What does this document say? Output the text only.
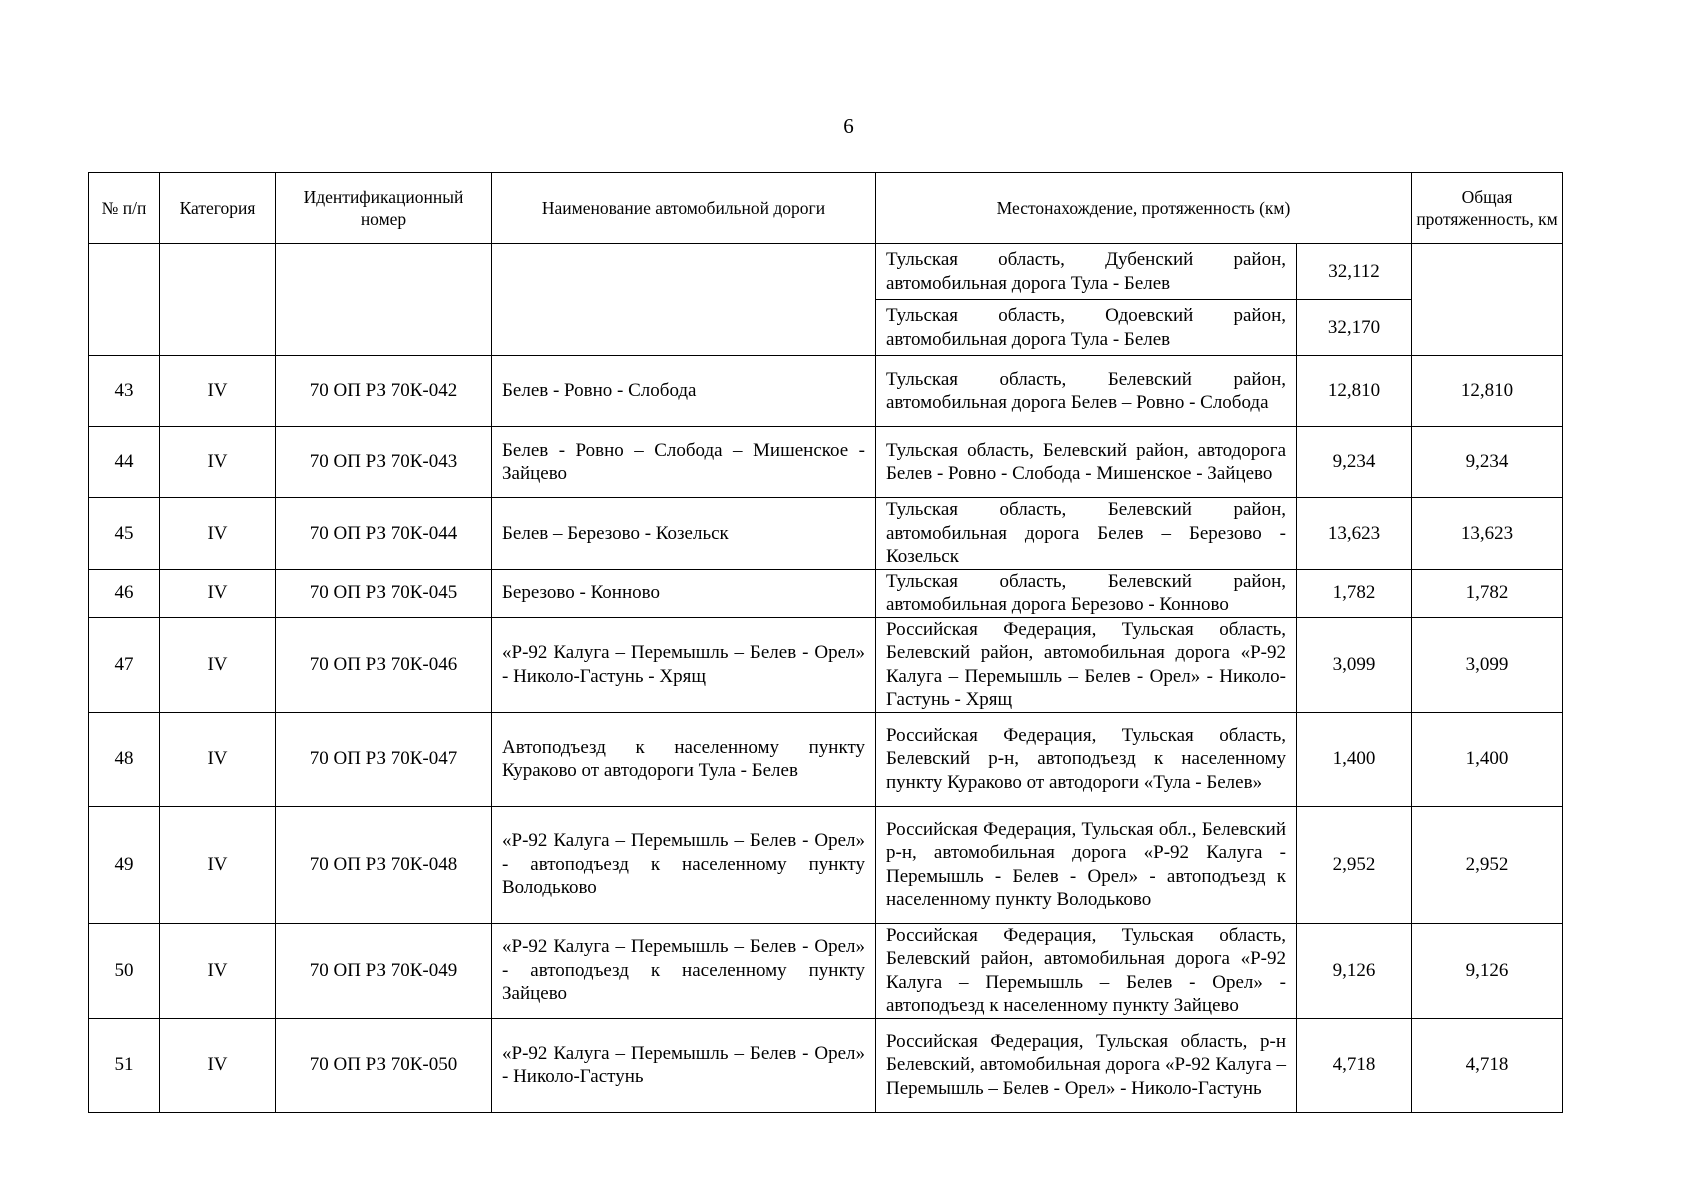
6
№ п/п	Категория	Идентификационный номер	Наименование автомобильной дороги	Местонахождение, протяженность (км)		Общая протяженность, км
				Тульская область, Дубенский район, автомобильная дорога Тула - Белев	32,112	
				Тульская область, Одоевский район, автомобильная дорога Тула - Белев	32,170	
43	IV	70 ОП РЗ 70К-042	Белев - Ровно - Слобода	Тульская область, Белевский район, автомобильная дорога Белев – Ровно - Слобода	12,810	12,810
44	IV	70 ОП РЗ 70К-043	Белев - Ровно – Слобода – Мишенское - Зайцево	Тульская область, Белевский район, автодорога Белев - Ровно - Слобода - Мишенское - Зайцево	9,234	9,234
45	IV	70 ОП РЗ 70К-044	Белев – Березово - Козельск	Тульская область, Белевский район, автомобильная дорога Белев – Березово - Козельск	13,623	13,623
46	IV	70 ОП РЗ 70К-045	Березово - Конново	Тульская область, Белевский район, автомобильная дорога Березово - Конново	1,782	1,782
47	IV	70 ОП РЗ 70К-046	«Р-92 Калуга – Перемышль – Белев - Орел» - Николо-Гастунь - Хрящ	Российская Федерация, Тульская область, Белевский район, автомобильная дорога «Р-92 Калуга – Перемышль – Белев - Орел» - Николо-Гастунь - Хрящ	3,099	3,099
48	IV	70 ОП РЗ 70К-047	Автоподъезд к населенному пункту Кураково от автодороги Тула - Белев	Российская Федерация, Тульская область, Белевский р-н, автоподъезд к населенному пункту Кураково от автодороги «Тула - Белев»	1,400	1,400
49	IV	70 ОП РЗ 70К-048	«Р-92 Калуга – Перемышль – Белев - Орел» - автоподъезд к населенному пункту Володьково	Российская Федерация, Тульская обл., Белевский р-н, автомобильная дорога «Р-92 Калуга - Перемышль - Белев - Орел» - автоподъезд к населенному пункту Володьково	2,952	2,952
50	IV	70 ОП РЗ 70К-049	«Р-92 Калуга – Перемышль – Белев - Орел» - автоподъезд к населенному пункту Зайцево	Российская Федерация, Тульская область, Белевский район, автомобильная дорога «Р-92 Калуга – Перемышль – Белев - Орел» - автоподъезд к населенному пункту Зайцево	9,126	9,126
51	IV	70 ОП РЗ 70К-050	«Р-92 Калуга – Перемышль – Белев - Орел» - Николо-Гастунь	Российская Федерация, Тульская область, р-н Белевский, автомобильная дорога «Р-92 Калуга – Перемышль – Белев - Орел» - Николо-Гастунь	4,718	4,718
